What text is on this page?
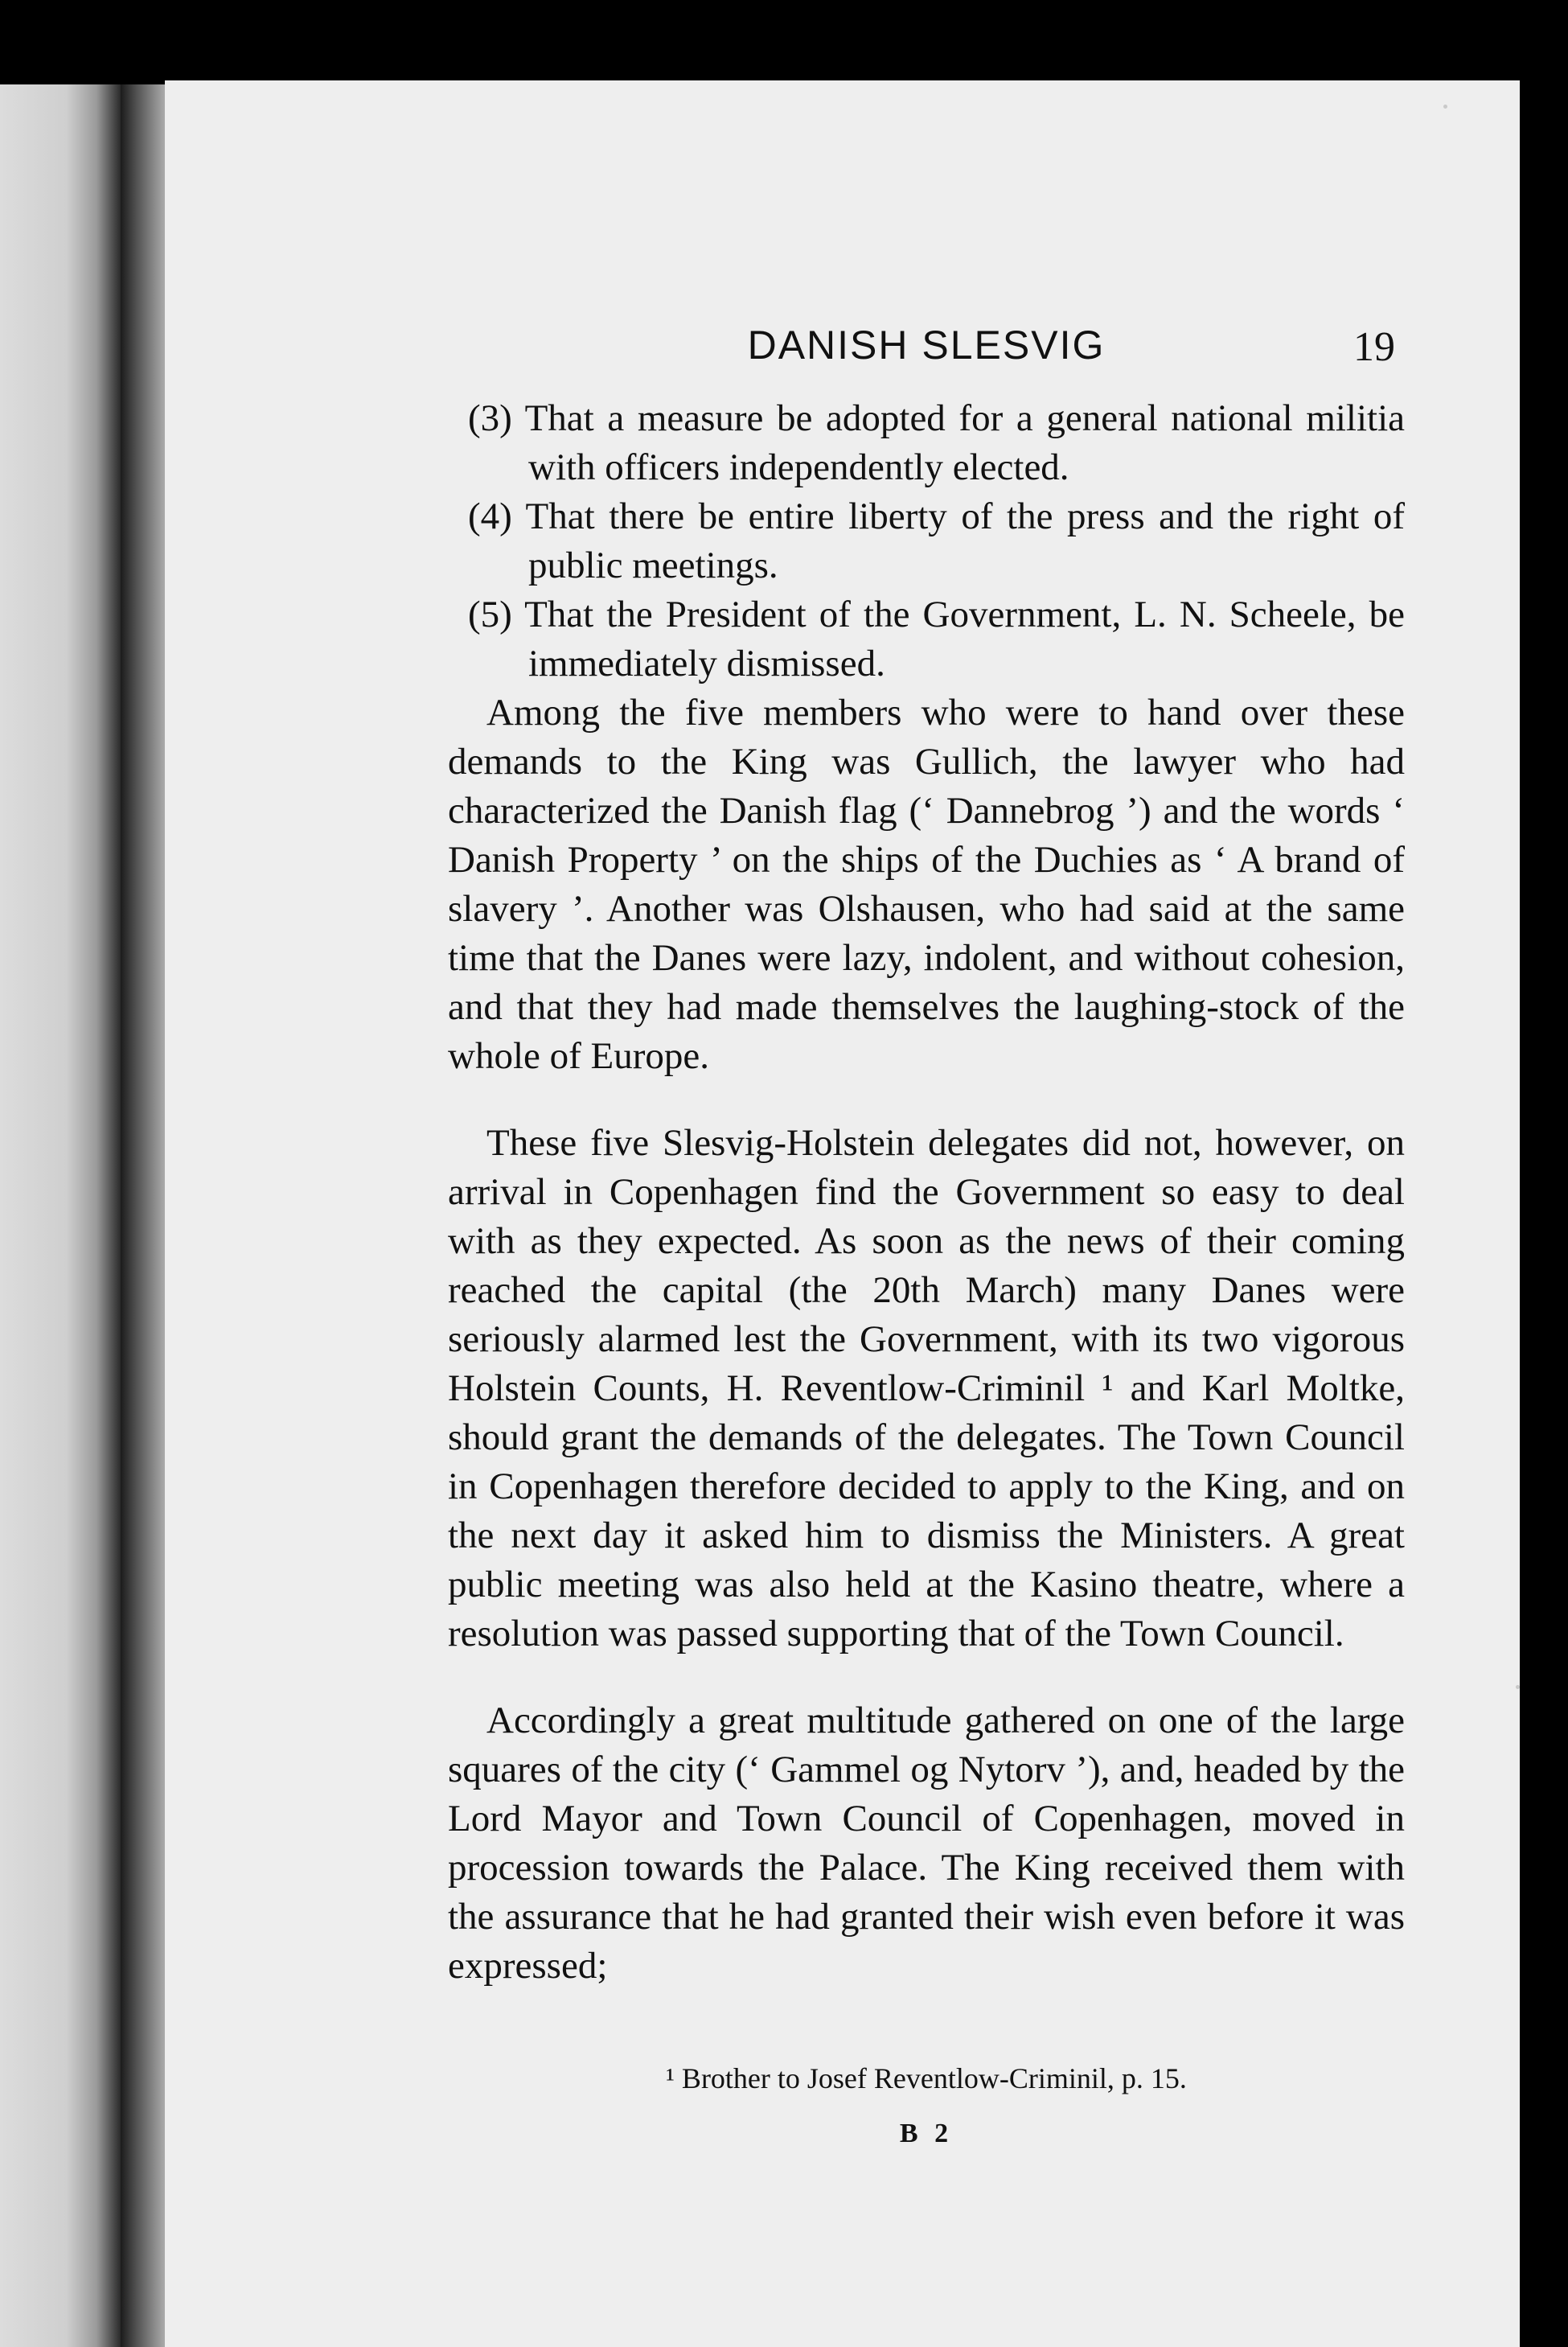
DANISH SLESVIG	19
(3) That a measure be adopted for a general national militia with officers independently elected.
(4) That there be entire liberty of the press and the right of public meetings.
(5) That the President of the Government, L. N. Scheele, be immediately dismissed.

Among the five members who were to hand over these demands to the King was Gullich, the lawyer who had characterized the Danish flag (‘ Dannebrog ’) and the words ‘ Danish Property ’ on the ships of the Duchies as ‘ A brand of slavery ’. Another was Olshausen, who had said at the same time that the Danes were lazy, indolent, and without cohesion, and that they had made themselves the laughing-stock of the whole of Europe.

These five Slesvig-Holstein delegates did not, however, on arrival in Copenhagen find the Government so easy to deal with as they expected. As soon as the news of their coming reached the capital (the 20th March) many Danes were seriously alarmed lest the Government, with its two vigorous Holstein Counts, H. Reventlow-Criminil ¹ and Karl Moltke, should grant the demands of the delegates. The Town Council in Copenhagen therefore decided to apply to the King, and on the next day it asked him to dismiss the Ministers. A great public meeting was also held at the Kasino theatre, where a resolution was passed supporting that of the Town Council.

Accordingly a great multitude gathered on one of the large squares of the city (‘ Gammel og Nytorv ’), and, headed by the Lord Mayor and Town Council of Copenhagen, moved in procession towards the Palace. The King received them with the assurance that he had granted their wish even before it was expressed;

¹ Brother to Josef Reventlow-Criminil, p. 15.
B 2
